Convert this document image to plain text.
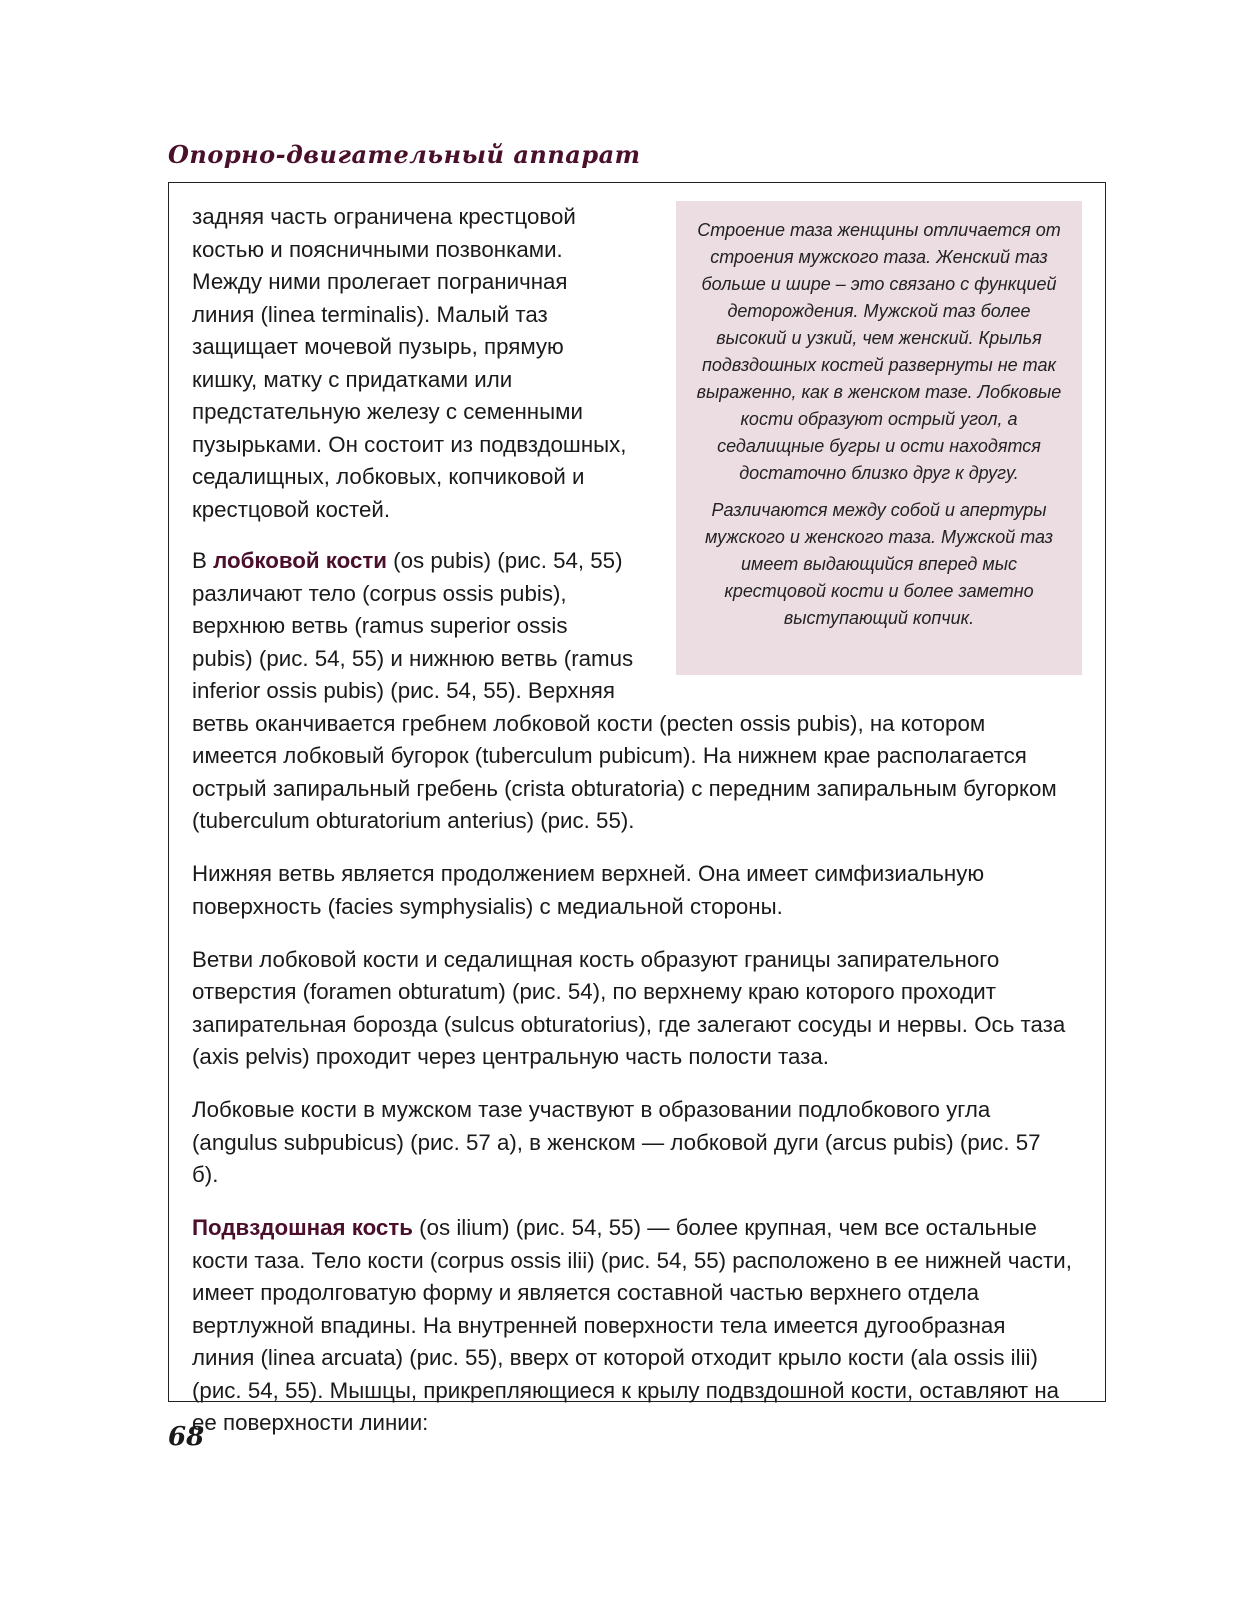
Опорно-двигательный аппарат

Строение таза женщины отличается от строения мужского таза. Женский таз больше и шире – это связано с функцией деторождения. Мужской таз более высокий и узкий, чем женский. Крылья подвздошных костей развернуты не так выраженно, как в женском тазе. Лобковые кости образуют острый угол, а седалищные бугры и ости находятся достаточно близко друг к другу.

Различаются между собой и апертуры мужского и женского таза. Мужской таз имеет выдающийся вперед мыс крестцовой кости и более заметно выступающий копчик.

задняя часть ограничена крестцовой костью и поясничными позвонками. Между ними пролегает пограничная линия (linea terminalis). Малый таз защищает мочевой пузырь, прямую кишку, матку с придатками или предстательную железу с семенными пузырьками. Он состоит из подвздошных, седалищных, лобковых, копчиковой и крестцовой костей.

В лобковой кости (os pubis) (рис. 54, 55) различают тело (corpus ossis pubis), верхнюю ветвь (ramus superior ossis pubis) (рис. 54, 55) и нижнюю ветвь (ramus inferior ossis pubis) (рис. 54, 55). Верхняя ветвь оканчивается гребнем лобковой кости (pecten ossis pubis), на котором имеется лобковый бугорок (tuberculum pubicum). На нижнем крае располагается острый запиральный гребень (crista obturatoria) с передним запиральным бугорком (tuberculum obturatorium anterius) (рис. 55).

Нижняя ветвь является продолжением верхней. Она имеет симфизиальную поверхность (facies symphysialis) с медиальной стороны.

Ветви лобковой кости и седалищная кость образуют границы запирательного отверстия (foramen obturatum) (рис. 54), по верхнему краю которого проходит запирательная борозда (sulcus obturatorius), где залегают сосуды и нервы. Ось таза (axis pelvis) проходит через центральную часть полости таза.

Лобковые кости в мужском тазе участвуют в образовании подлобкового угла (angulus subpubicus) (рис. 57 а), в женском — лобковой дуги (arcus pubis) (рис. 57 б).

Подвздошная кость (os ilium) (рис. 54, 55) — более крупная, чем все остальные кости таза. Тело кости (corpus ossis ilii) (рис. 54, 55) расположено в ее нижней части, имеет продолговатую форму и является составной частью верхнего отдела вертлужной впадины. На внутренней поверхности тела имеется дугообразная линия (linea arcuata) (рис. 55), вверх от которой отходит крыло кости (ala ossis ilii) (рис. 54, 55). Мышцы, прикрепляющиеся к крылу подвздошной кости, оставляют на ее поверхности линии:

68
